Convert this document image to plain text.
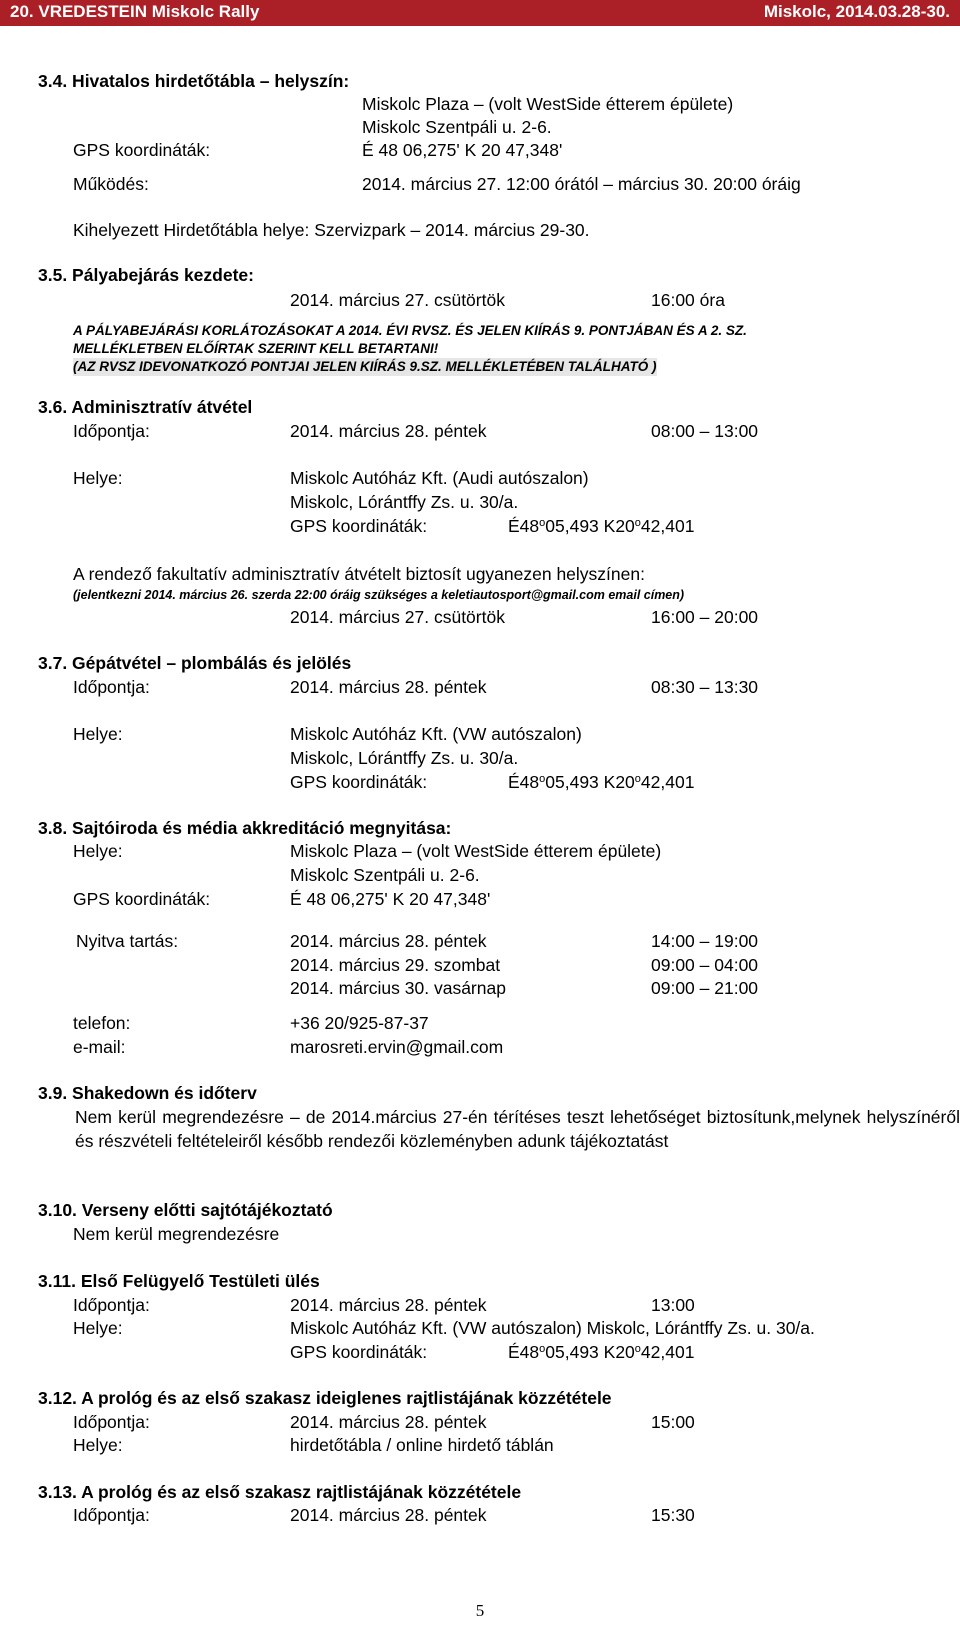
20. VREDESTEIN Miskolc Rally	Miskolc, 2014.03.28-30.
3.4. Hivatalos hirdetőtábla – helyszín:
Miskolc Plaza – (volt WestSide étterem épülete)
Miskolc Szentpáli u. 2-6.
GPS koordináták:	É 48 06,275' K 20 47,348'
Működés:	2014. március 27. 12:00 órától – március 30. 20:00 óráig
Kihelyezett Hirdetőtábla helye: Szervizpark – 2014. március 29-30.
3.5. Pályabejárás kezdete:
2014. március 27. csütörtök	16:00 óra
A PÁLYABEJÁRÁSI KORLÁTOZÁSOKAT A 2014. ÉVI RVSZ. ÉS JELEN KIÍRÁS 9. PONTJÁBAN ÉS A 2. SZ.
MELLÉKLETBEN ELŐÍRTAK SZERINT KELL BETARTANI!
(AZ RVSZ IDEVONATKOZÓ PONTJAI JELEN KIÍRÁS 9.SZ. MELLÉKLETÉBEN TALÁLHATÓ )
3.6. Adminisztratív átvétel
Időpontja:	2014. március 28. péntek	08:00 – 13:00
Helye:	Miskolc Autóház Kft. (Audi autószalon)
Miskolc, Lórántffy Zs. u. 30/a.
GPS koordináták:	É48$^o$05,493 K20$^o$42,401
A rendező fakultatív adminisztratív átvételt biztosít ugyanezen helyszínen:
(jelentkezni 2014. március 26. szerda 22:00 óráig szükséges a keletiautosport@gmail.com email címen)
2014. március 27. csütörtök	16:00 – 20:00
3.7. Gépátvétel – plombálás és jelölés
Időpontja:	2014. március 28. péntek	08:30 – 13:30
Helye:	Miskolc Autóház Kft. (VW autószalon)
Miskolc, Lórántffy Zs. u. 30/a.
GPS koordináták:	É48$^o$05,493 K20$^o$42,401
3.8. Sajtóiroda és média akkreditáció megnyitása:
Helye:	Miskolc Plaza – (volt WestSide étterem épülete)
Miskolc Szentpáli u. 2-6.
GPS koordináták:	É 48 06,275' K 20 47,348'
Nyitva tartás:	2014. március 28. péntek	14:00 – 19:00
2014. március 29. szombat	09:00 – 04:00
2014. március 30. vasárnap	09:00 – 21:00
telefon:	+36 20/925-87-37
e-mail:	marosreti.ervin@gmail.com
3.9. Shakedown és időterv
Nem kerül megrendezésre – de 2014.március 27-én térítéses teszt lehetőséget biztosítunk,melynek helyszínéről és részvételi feltételeiről később rendezői közleményben adunk tájékoztatást
3.10. Verseny előtti sajtótájékoztató
Nem kerül megrendezésre
3.11. Első Felügyelő Testületi ülés
Időpontja:	2014. március 28. péntek	13:00
Helye:	Miskolc Autóház Kft. (VW autószalon) Miskolc, Lórántffy Zs. u. 30/a.
GPS koordináták:	É48$^o$05,493 K20$^o$42,401
3.12. A prológ és az első szakasz ideiglenes rajtlistájának közzététele
Időpontja:	2014. március 28. péntek	15:00
Helye:	hirdetőtábla / online hirdető táblán
3.13. A prológ és az első szakasz rajtlistájának közzététele
Időpontja:	2014. március 28. péntek	15:30
5
